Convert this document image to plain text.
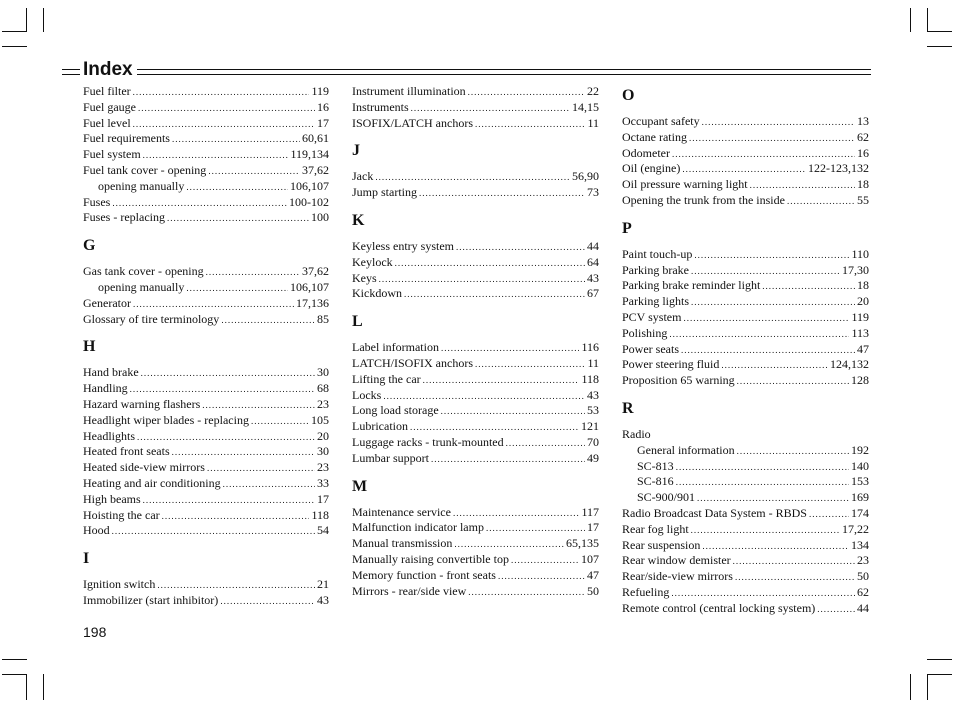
Index
Fuel filter .....	119
Fuel gauge .....	16
Fuel level .....	17
Fuel requirements .....	60,61
Fuel system .....	119,134
Fuel tank cover - opening .....	37,62
opening manually .....	106,107
Fuses .....	100-102
Fuses - replacing .....	100
G
Gas tank cover - opening .....	37,62
opening manually .....	106,107
Generator .....	17,136
Glossary of tire terminology .....	85
H
Hand brake .....	30
Handling .....	68
Hazard warning flashers .....	23
Headlight wiper blades - replacing .....	105
Headlights .....	20
Heated front seats .....	30
Heated side-view mirrors .....	23
Heating and air conditioning .....	33
High beams .....	17
Hoisting the car .....	118
Hood .....	54
I
Ignition switch .....	21
Immobilizer (start inhibitor) .....	43
Instrument illumination .....	22
Instruments .....	14,15
ISOFIX/LATCH anchors .....	11
J
Jack .....	56,90
Jump starting .....	73
K
Keyless entry system .....	44
Keylock .....	64
Keys .....	43
Kickdown .....	67
L
Label information .....	116
LATCH/ISOFIX anchors .....	11
Lifting the car .....	118
Locks .....	43
Long load storage .....	53
Lubrication .....	121
Luggage racks - trunk-mounted .....	70
Lumbar support .....	49
M
Maintenance service .....	117
Malfunction indicator lamp .....	17
Manual transmission .....	65,135
Manually raising convertible top .....	107
Memory function - front seats .....	47
Mirrors - rear/side view .....	50
O
Occupant safety .....	13
Octane rating .....	62
Odometer .....	16
Oil (engine) .....	122-123,132
Oil pressure warning light .....	18
Opening the trunk from the inside .....	55
P
Paint touch-up .....	110
Parking brake .....	17,30
Parking brake reminder light .....	18
Parking lights .....	20
PCV system .....	119
Polishing .....	113
Power seats .....	47
Power steering fluid .....	124,132
Proposition 65 warning .....	128
R
Radio
General information .....	192
SC-813 .....	140
SC-816 .....	153
SC-900/901 .....	169
Radio Broadcast Data System - RBDS .....	174
Rear fog light .....	17,22
Rear suspension .....	134
Rear window demister .....	23
Rear/side-view mirrors .....	50
Refueling .....	62
Remote control (central locking system) .....	44
198
